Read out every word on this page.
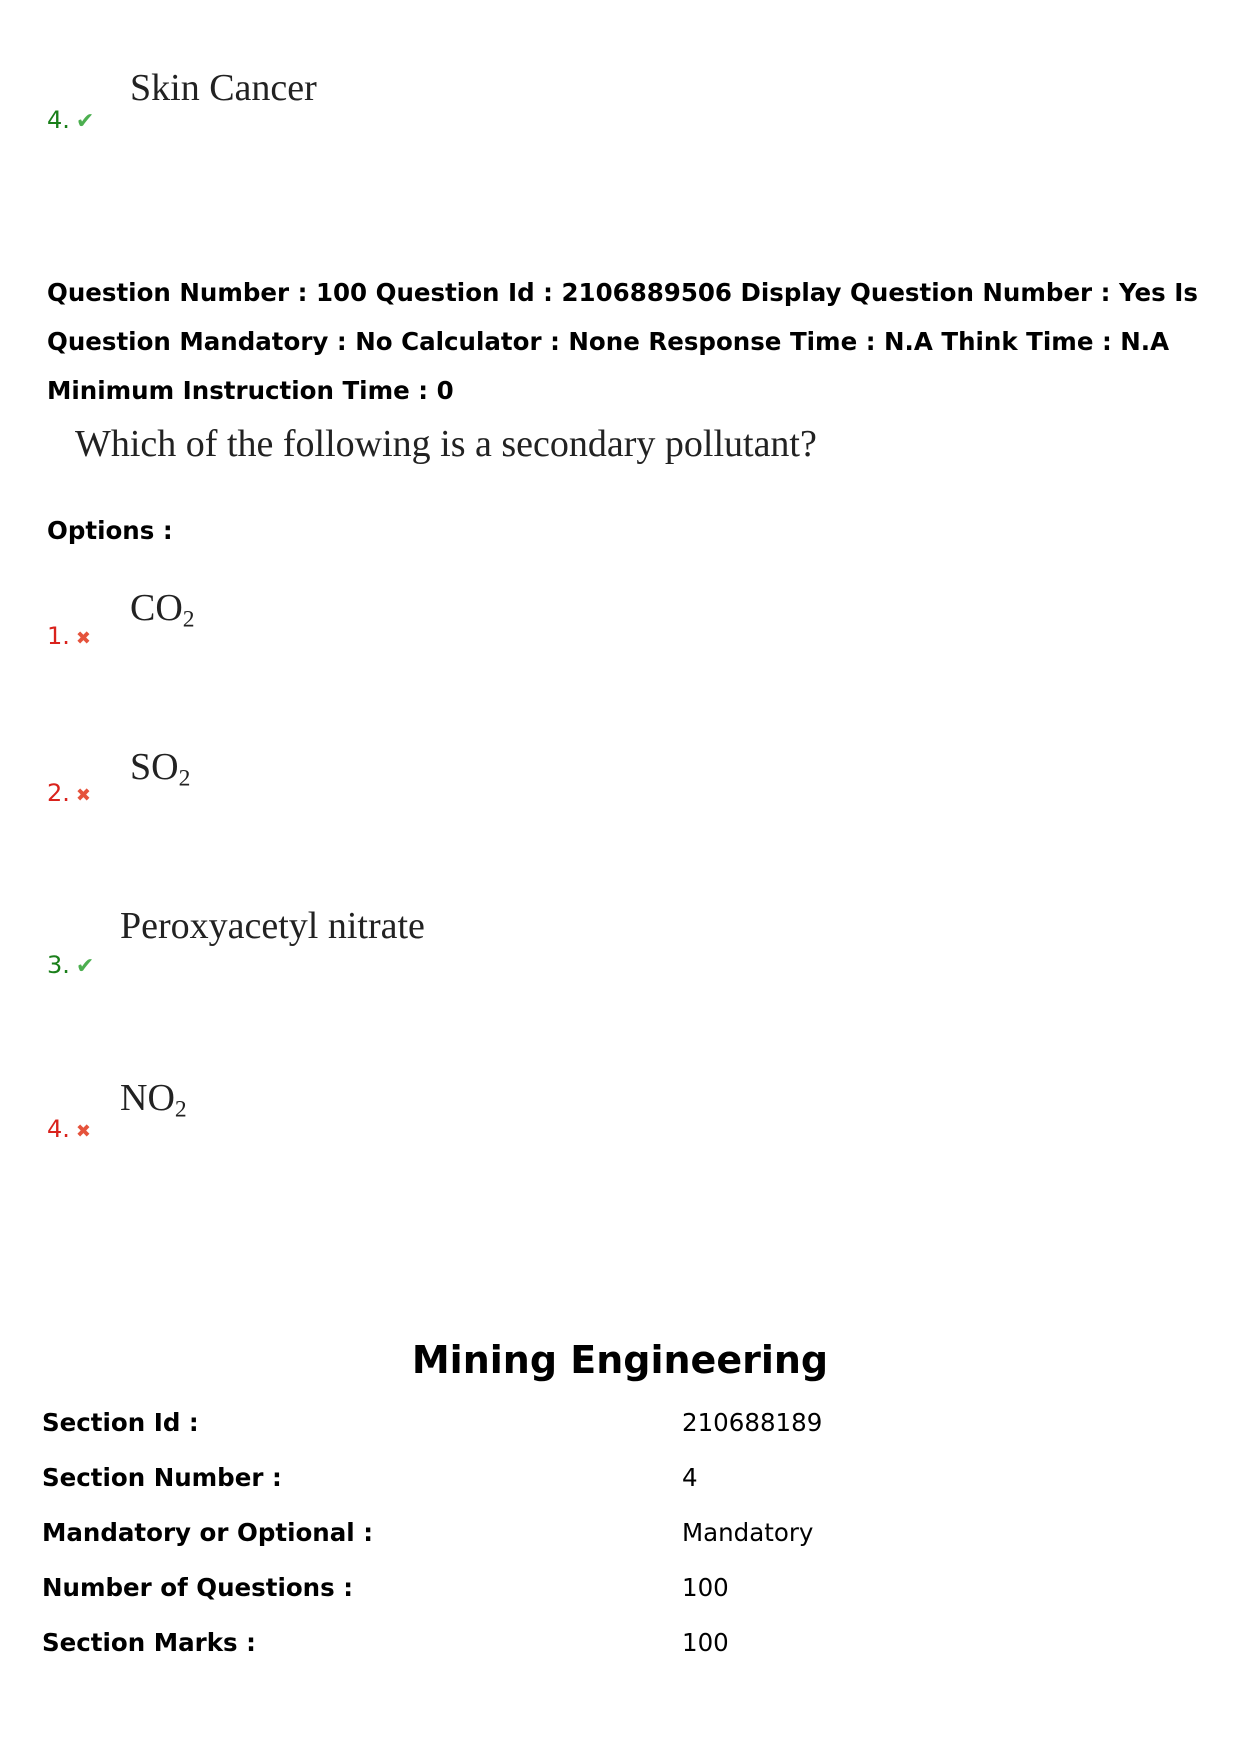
Skin Cancer
4. ✔
Question Number : 100 Question Id : 2106889506 Display Question Number : Yes Is Question Mandatory : No Calculator : None Response Time : N.A Think Time : N.A Minimum Instruction Time : 0
Which of the following is a secondary pollutant?
Options :
$CO_2$
1. ✖
$SO_2$
2. ✖
Peroxyacetyl nitrate
3. ✔
$NO_2$
4. ✖
Mining Engineering
Section Id :	210688189
Section Number :	4
Mandatory or Optional :	Mandatory
Number of Questions :	100
Section Marks :	100
